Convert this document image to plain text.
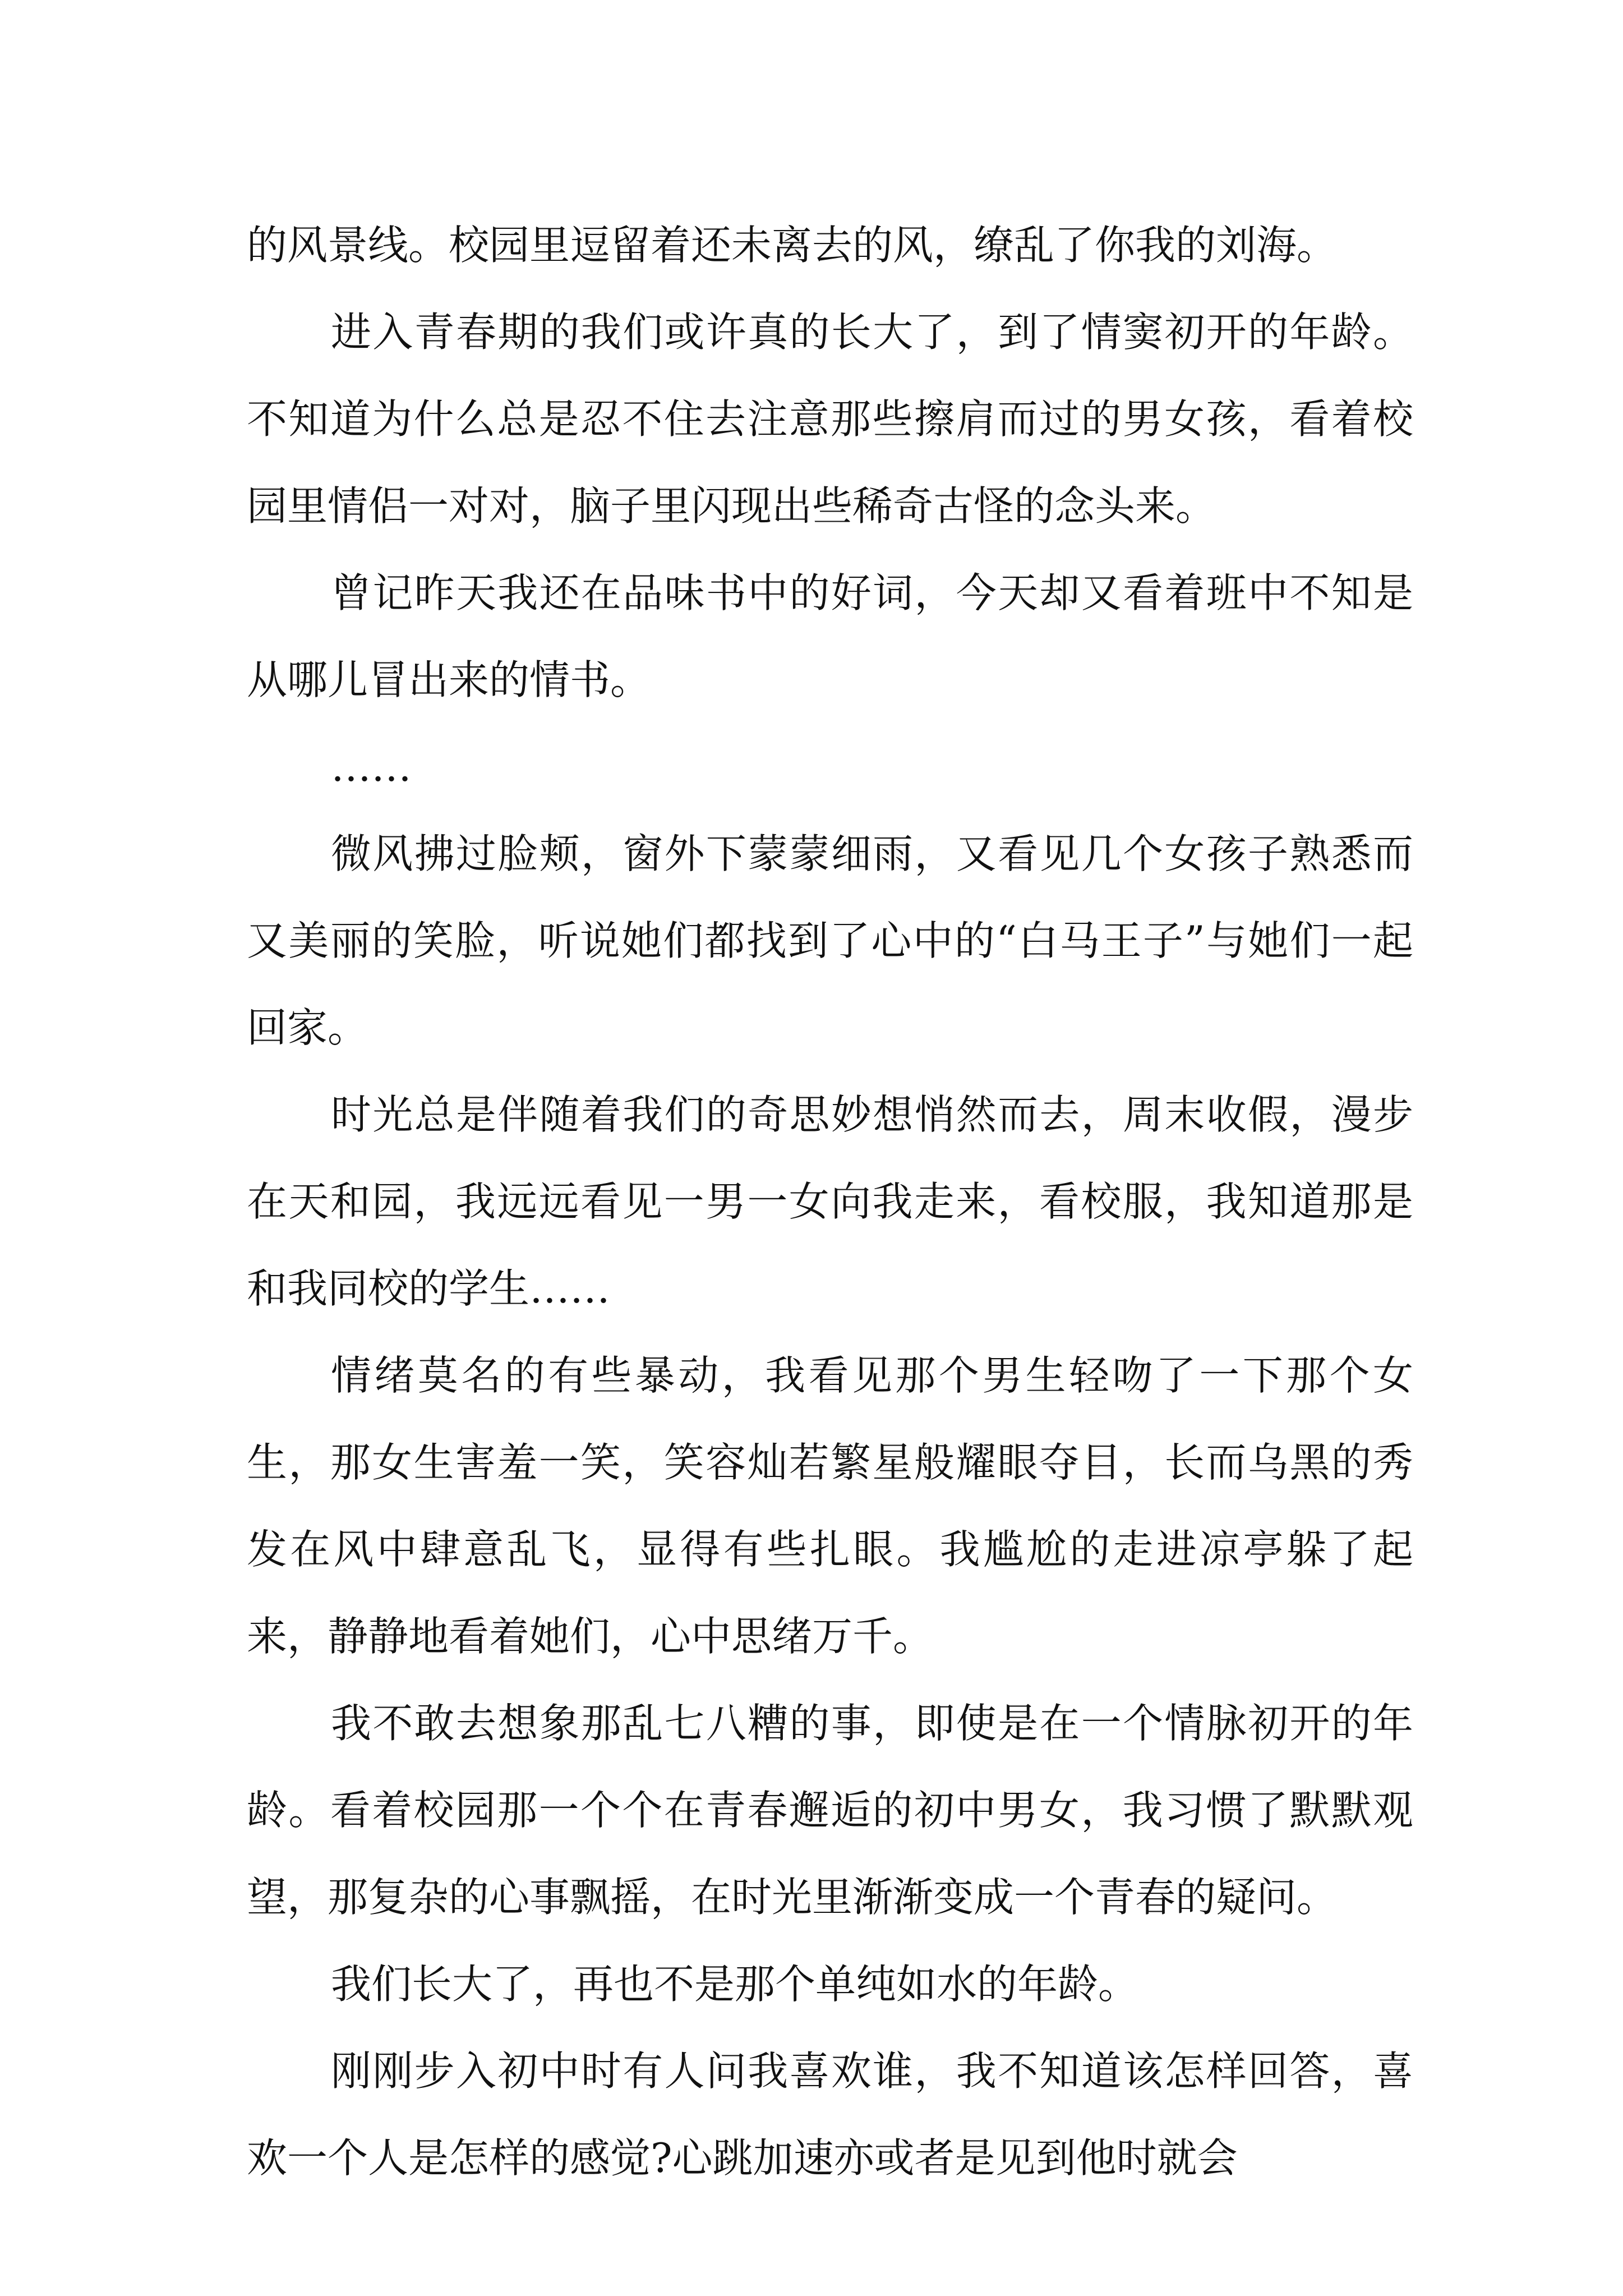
的风景线。校园里逗留着还未离去的风，缭乱了你我的刘海。

进入青春期的我们或许真的长大了，到了情窦初开的年龄。不知道为什么总是忍不住去注意那些擦肩而过的男女孩，看着校园里情侣一对对，脑子里闪现出些稀奇古怪的念头来。

曾记昨天我还在品味书中的好词，今天却又看着班中不知是从哪儿冒出来的情书。

……

微风拂过脸颊，窗外下蒙蒙细雨，又看见几个女孩子熟悉而又美丽的笑脸，听说她们都找到了心中的“白马王子”与她们一起回家。

时光总是伴随着我们的奇思妙想悄然而去，周末收假，漫步在天和园，我远远看见一男一女向我走来，看校服，我知道那是和我同校的学生……

情绪莫名的有些暴动，我看见那个男生轻吻了一下那个女生，那女生害羞一笑，笑容灿若繁星般耀眼夺目，长而乌黑的秀发在风中肆意乱飞，显得有些扎眼。我尴尬的走进凉亭躲了起来，静静地看着她们，心中思绪万千。

我不敢去想象那乱七八糟的事，即使是在一个情脉初开的年龄。看着校园那一个个在青春邂逅的初中男女，我习惯了默默观望，那复杂的心事飘摇，在时光里渐渐变成一个青春的疑问。

我们长大了，再也不是那个单纯如水的年龄。

刚刚步入初中时有人问我喜欢谁，我不知道该怎样回答，喜欢一个人是怎样的感觉?心跳加速亦或者是见到他时就会
